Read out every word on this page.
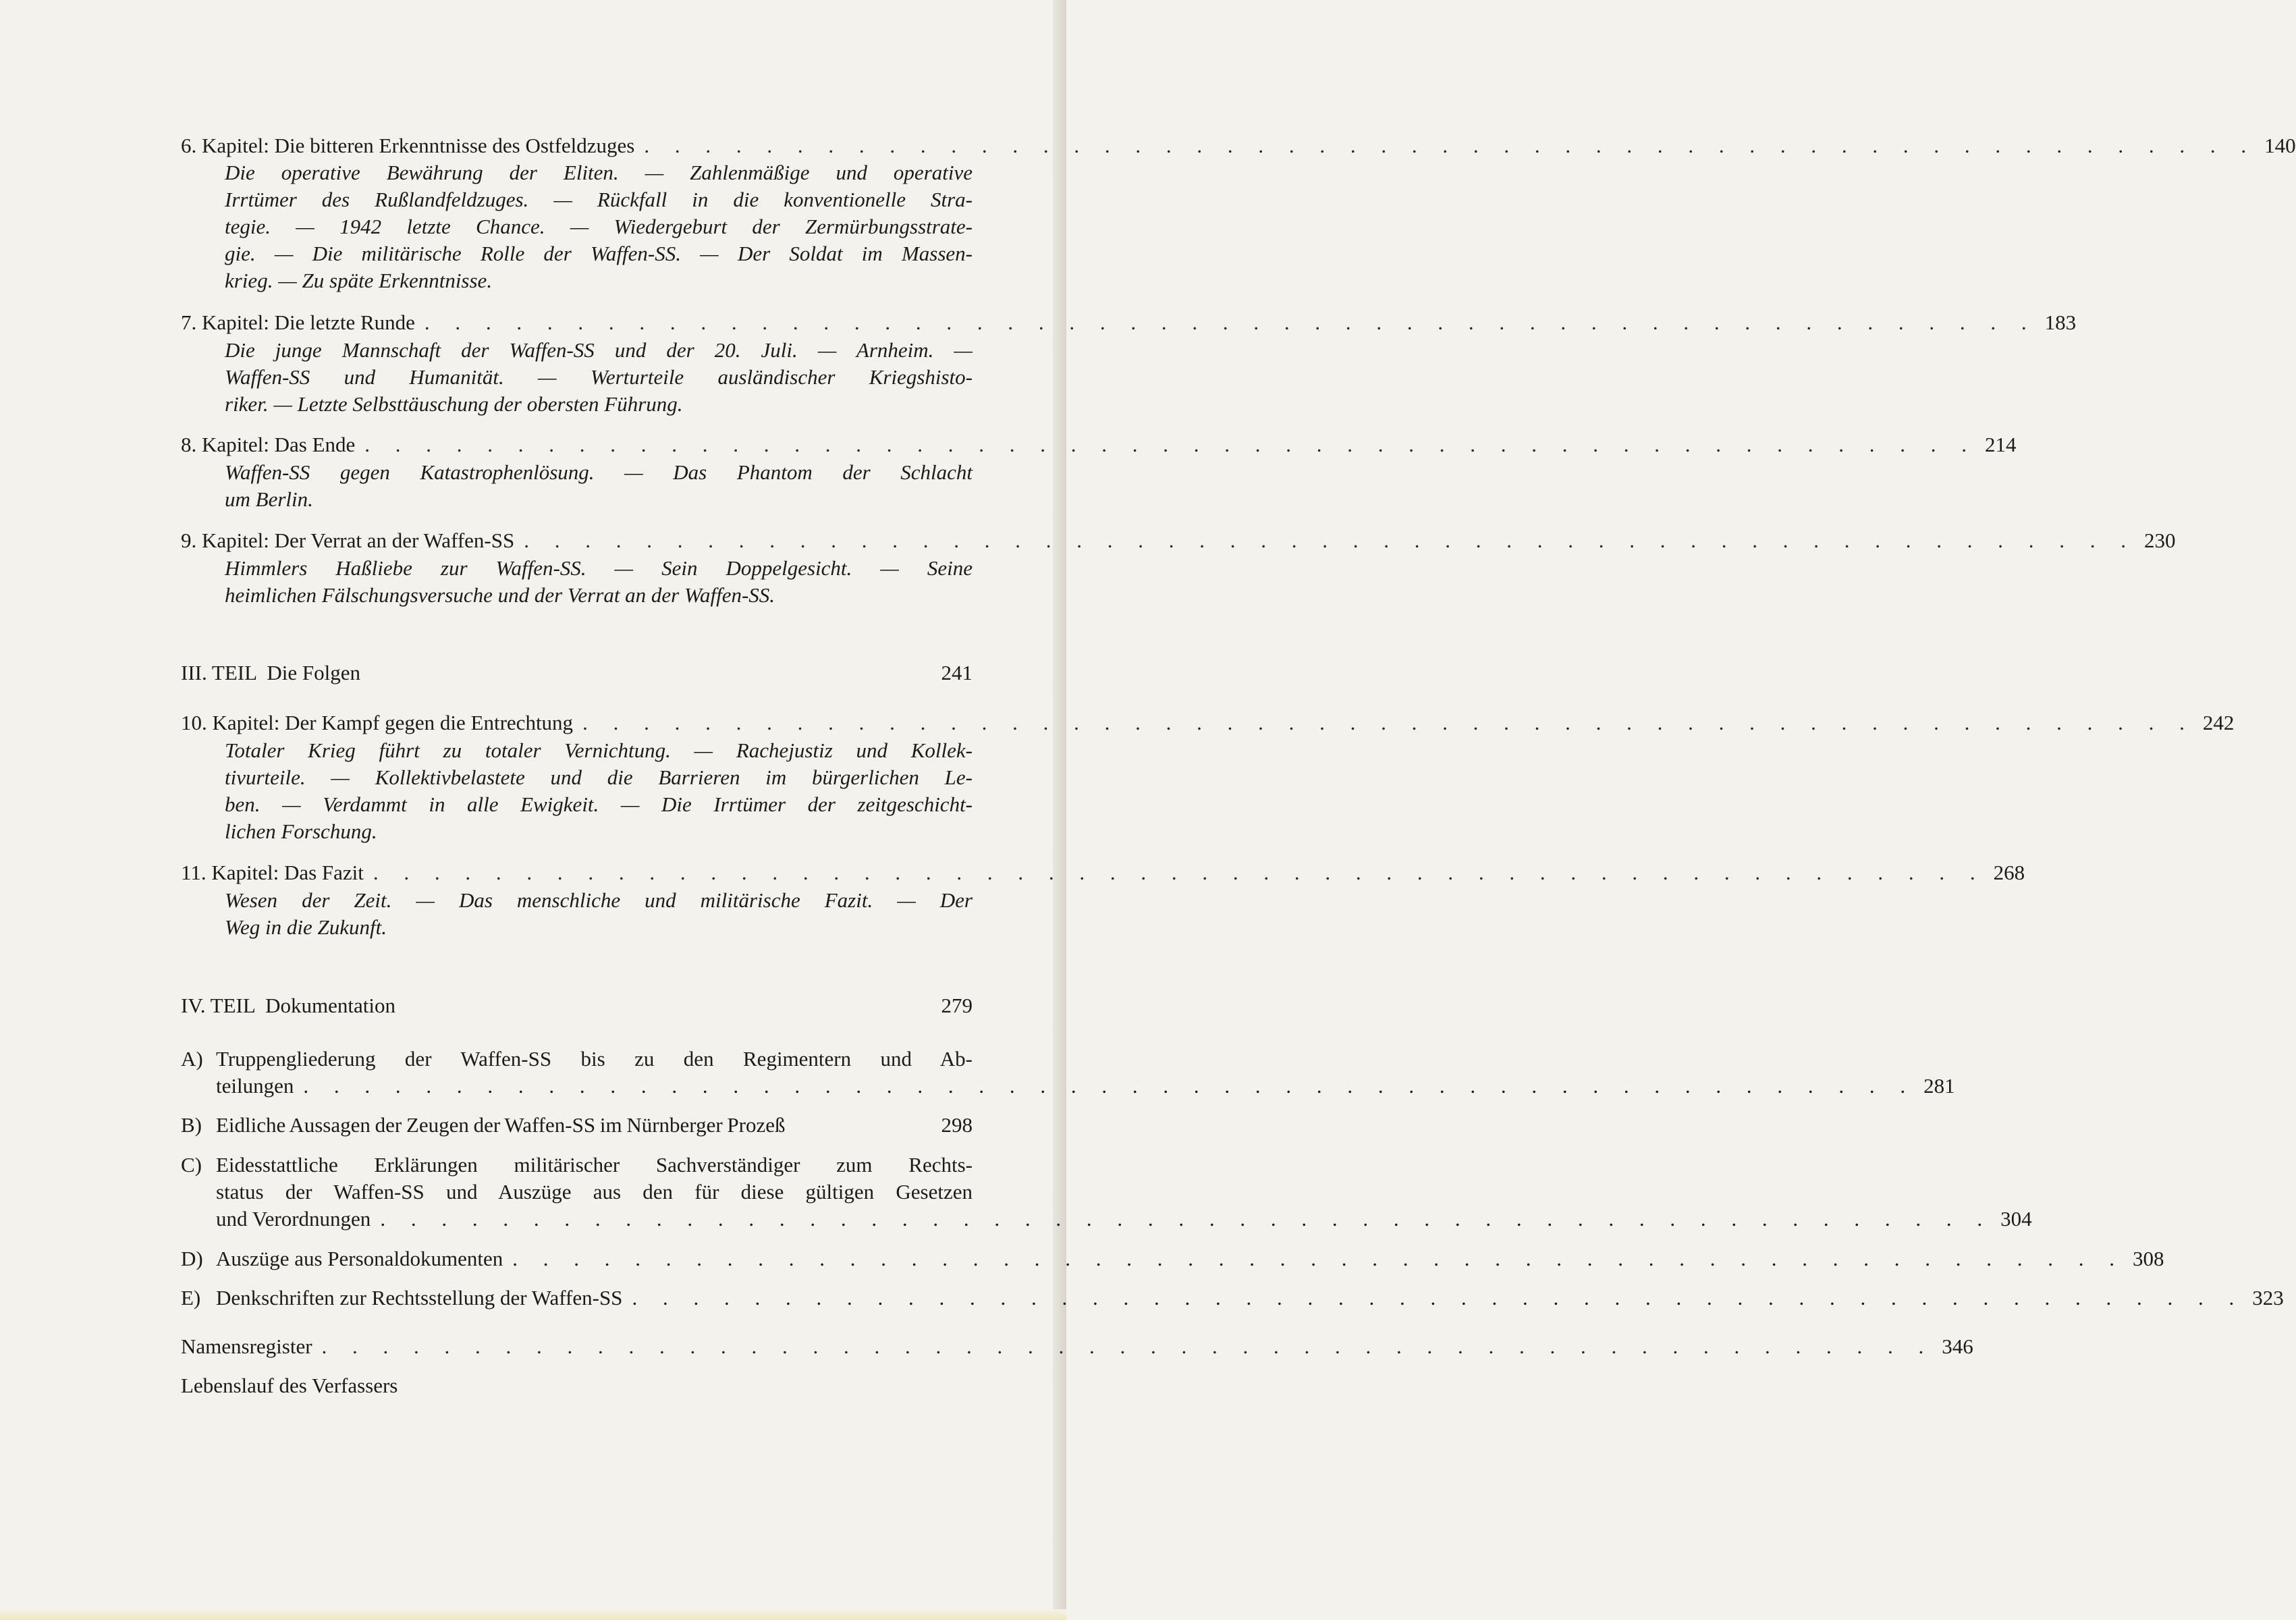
6. Kapitel: Die bitteren Erkenntnisse des Ostfeldzuges . . . . . . . . . . . . . . . . . . . . . . . . . . . . . . . . . . . . . . . . . . . . . . . . . . . . . 140
Die operative Bewährung der Eliten. — Zahlenmäßige und operative
Irrtümer des Rußlandfeldzuges. — Rückfall in die konventionelle Stra-
tegie. — 1942 letzte Chance. — Wiedergeburt der Zermürbungsstrate-
gie. — Die militärische Rolle der Waffen-SS. — Der Soldat im Massen-
krieg. — Zu späte Erkenntnisse.
7. Kapitel: Die letzte Runde . . . . . . . . . . . . . . . . . . . . . . . . . . . . . . . . . . . . . . . . . . . . . . . . . . . . . 183
Die junge Mannschaft der Waffen-SS und der 20. Juli. — Arnheim. —
Waffen-SS und Humanität. — Werturteile ausländischer Kriegshisto-
riker. — Letzte Selbsttäuschung der obersten Führung.
8. Kapitel: Das Ende . . . . . . . . . . . . . . . . . . . . . . . . . . . . . . . . . . . . . . . . . . . . . . . . . . . . . 214
Waffen-SS gegen Katastrophenlösung. — Das Phantom der Schlacht
um Berlin.
9. Kapitel: Der Verrat an der Waffen-SS . . . . . . . . . . . . . . . . . . . . . . . . . . . . . . . . . . . . . . . . . . . . . . . . . . . . . 230
Himmlers Haßliebe zur Waffen-SS. — Sein Doppelgesicht. — Seine
heimlichen Fälschungsversuche und der Verrat an der Waffen-SS.
III. TEIL  Die Folgen	241
10. Kapitel: Der Kampf gegen die Entrechtung . . . . . . . . . . . . . . . . . . . . . . . . . . . . . . . . . . . . . . . . . . . . . . . . . . . . . 242
Totaler Krieg führt zu totaler Vernichtung. — Rachejustiz und Kollek-
tivurteile. — Kollektivbelastete und die Barrieren im bürgerlichen Le-
ben. — Verdammt in alle Ewigkeit. — Die Irrtümer der zeitgeschicht-
lichen Forschung.
11. Kapitel: Das Fazit . . . . . . . . . . . . . . . . . . . . . . . . . . . . . . . . . . . . . . . . . . . . . . . . . . . . . 268
Wesen der Zeit. — Das menschliche und militärische Fazit. — Der
Weg in die Zukunft.
IV. TEIL  Dokumentation	279
A) Truppengliederung der Waffen-SS bis zu den Regimentern und Ab-
teilungen . . . . . . . . . . . . . . . . . . . . . . . . . . . . . . . . . . . . . . . . . . . . . . . . . . . . . 281
B) Eidliche Aussagen der Zeugen der Waffen-SS im Nürnberger Prozeß	298
C) Eidesstattliche Erklärungen militärischer Sachverständiger zum Rechts-
status der Waffen-SS und Auszüge aus den für diese gültigen Gesetzen
und Verordnungen . . . . . . . . . . . . . . . . . . . . . . . . . . . . . . . . . . . . . . . . . . . . . . . . . . . . . 304
D) Auszüge aus Personaldokumenten . . . . . . . . . . . . . . . . . . . . . . . . . . . . . . . . . . . . . . . . . . . . . . . . . . . . . 308
E) Denkschriften zur Rechtsstellung der Waffen-SS . . . . . . . . . . . . . . . . . . . . . . . . . . . . . . . . . . . . . . . . . . . . . . . . . . . . . 323
Namensregister . . . . . . . . . . . . . . . . . . . . . . . . . . . . . . . . . . . . . . . . . . . . . . . . . . . . . 346
Lebenslauf des Verfassers
